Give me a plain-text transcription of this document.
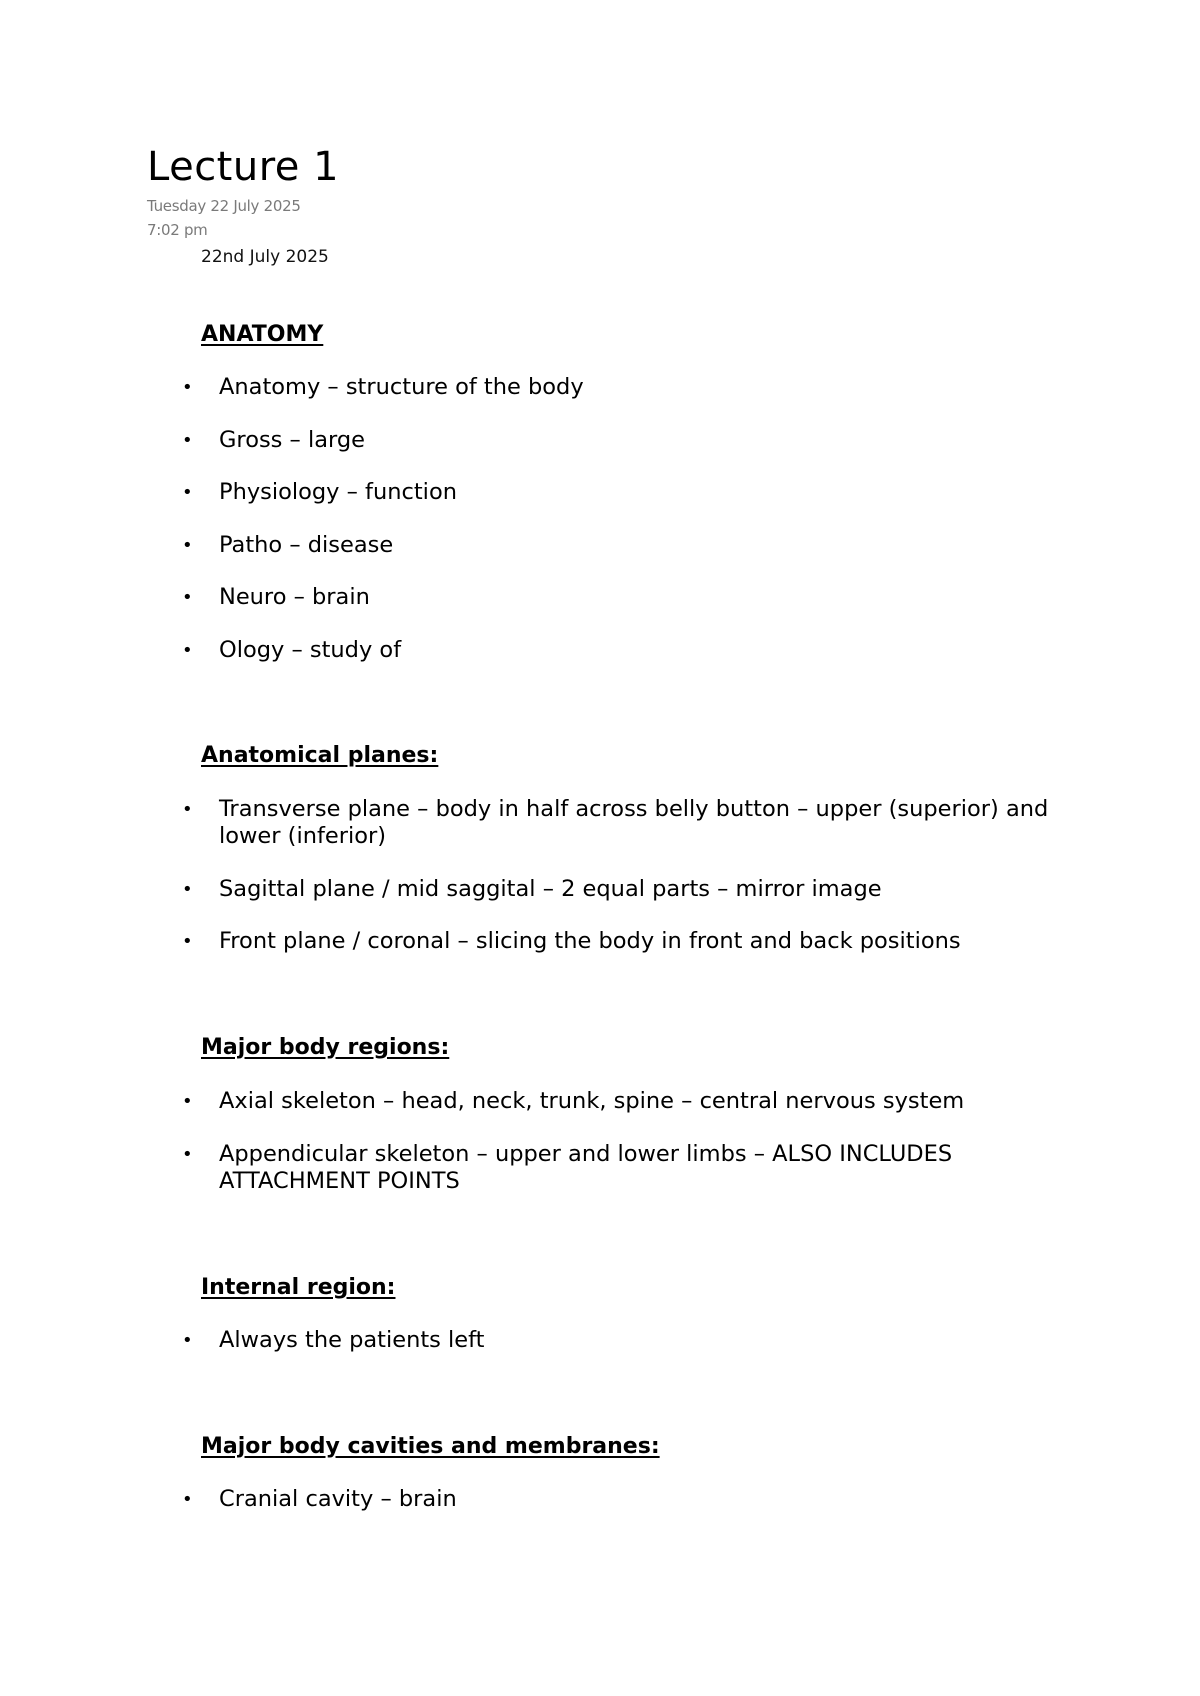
Lecture 1
Tuesday 22 July 2025
7:02 pm
22nd July 2025
ANATOMY
• Anatomy – structure of the body
• Gross – large
• Physiology – function
• Patho – disease
• Neuro – brain
• Ology – study of
Anatomical planes:
• Transverse plane – body in half across belly button – upper (superior) and lower (inferior)
• Sagittal plane / mid saggital – 2 equal parts – mirror image
• Front plane / coronal – slicing the body in front and back positions
Major body regions:
• Axial skeleton – head, neck, trunk, spine – central nervous system
• Appendicular skeleton – upper and lower limbs – ALSO INCLUDES ATTACHMENT POINTS
Internal region:
• Always the patients left
Major body cavities and membranes:
• Cranial cavity – brain
